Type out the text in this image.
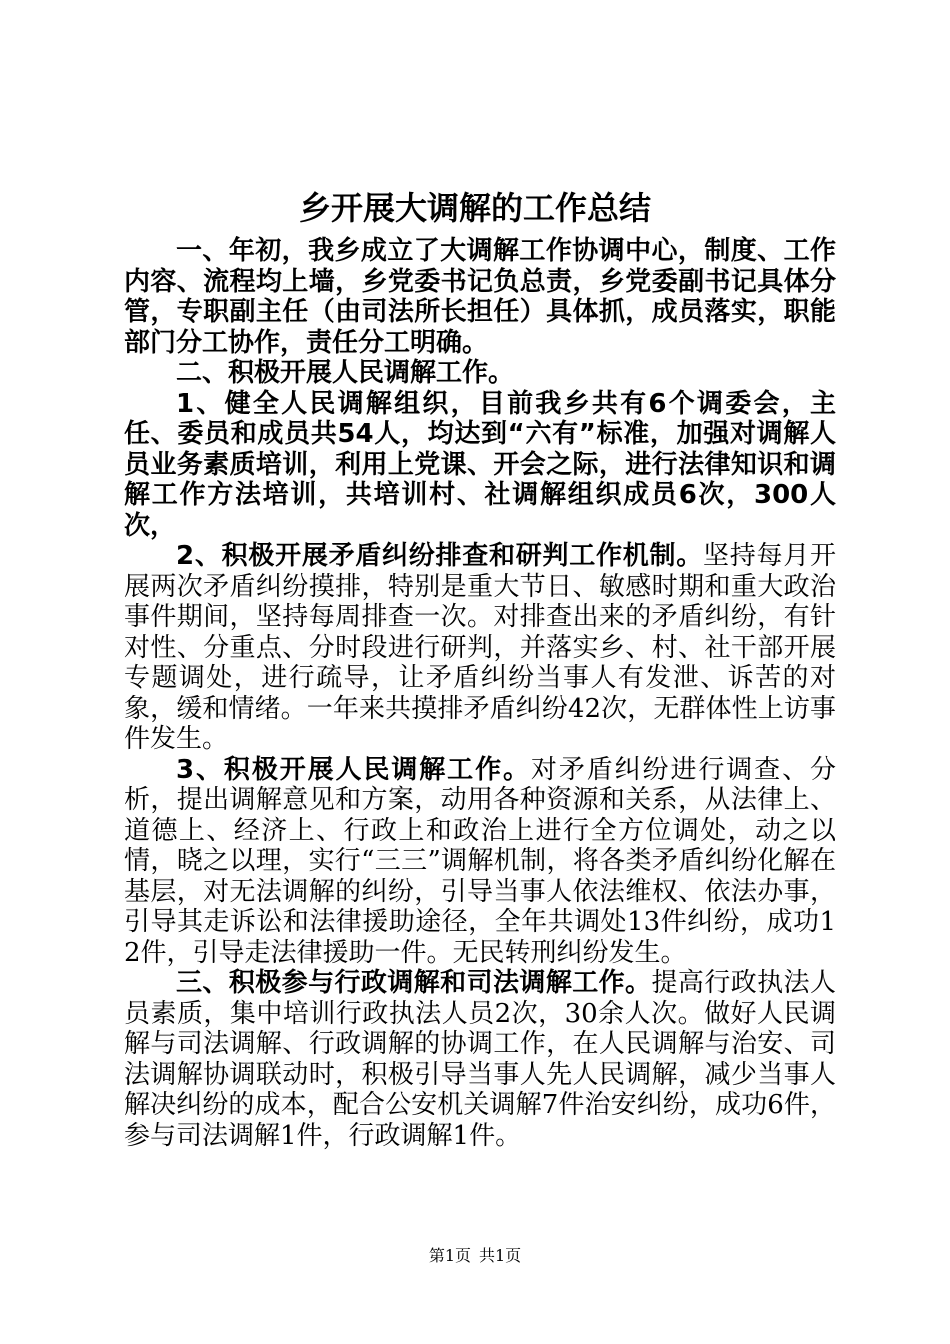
乡开展大调解的工作总结

一、年初，我乡成立了大调解工作协调中心，制度、工作内容、流程均上墙，乡党委书记负总责，乡党委副书记具体分管，专职副主任（由司法所长担任）具体抓，成员落实，职能部门分工协作，责任分工明确。

二、积极开展人民调解工作。

1、健全人民调解组织，目前我乡共有6个调委会，主任、委员和成员共54人，均达到“六有”标准，加强对调解人员业务素质培训，利用上党课、开会之际，进行法律知识和调解工作方法培训，共培训村、社调解组织成员6次，300人次，

2、积极开展矛盾纠纷排查和研判工作机制。坚持每月开展两次矛盾纠纷摸排，特别是重大节日、敏感时期和重大政治事件期间，坚持每周排查一次。对排查出来的矛盾纠纷，有针对性、分重点、分时段进行研判，并落实乡、村、社干部开展专题调处，进行疏导，让矛盾纠纷当事人有发泄、诉苦的对象，缓和情绪。一年来共摸排矛盾纠纷42次，无群体性上访事件发生。

3、积极开展人民调解工作。对矛盾纠纷进行调查、分析，提出调解意见和方案，动用各种资源和关系，从法律上、道德上、经济上、行政上和政治上进行全方位调处，动之以情，晓之以理，实行“三三”调解机制，将各类矛盾纠纷化解在基层，对无法调解的纠纷，引导当事人依法维权、依法办事，引导其走诉讼和法律援助途径，全年共调处13件纠纷，成功12件，引导走法律援助一件。无民转刑纠纷发生。

三、积极参与行政调解和司法调解工作。提高行政执法人员素质，集中培训行政执法人员2次，30余人次。做好人民调解与司法调解、行政调解的协调工作，在人民调解与治安、司法调解协调联动时，积极引导当事人先人民调解，减少当事人解决纠纷的成本，配合公安机关调解7件治安纠纷，成功6件，参与司法调解1件，行政调解1件。

第1页 共1页
